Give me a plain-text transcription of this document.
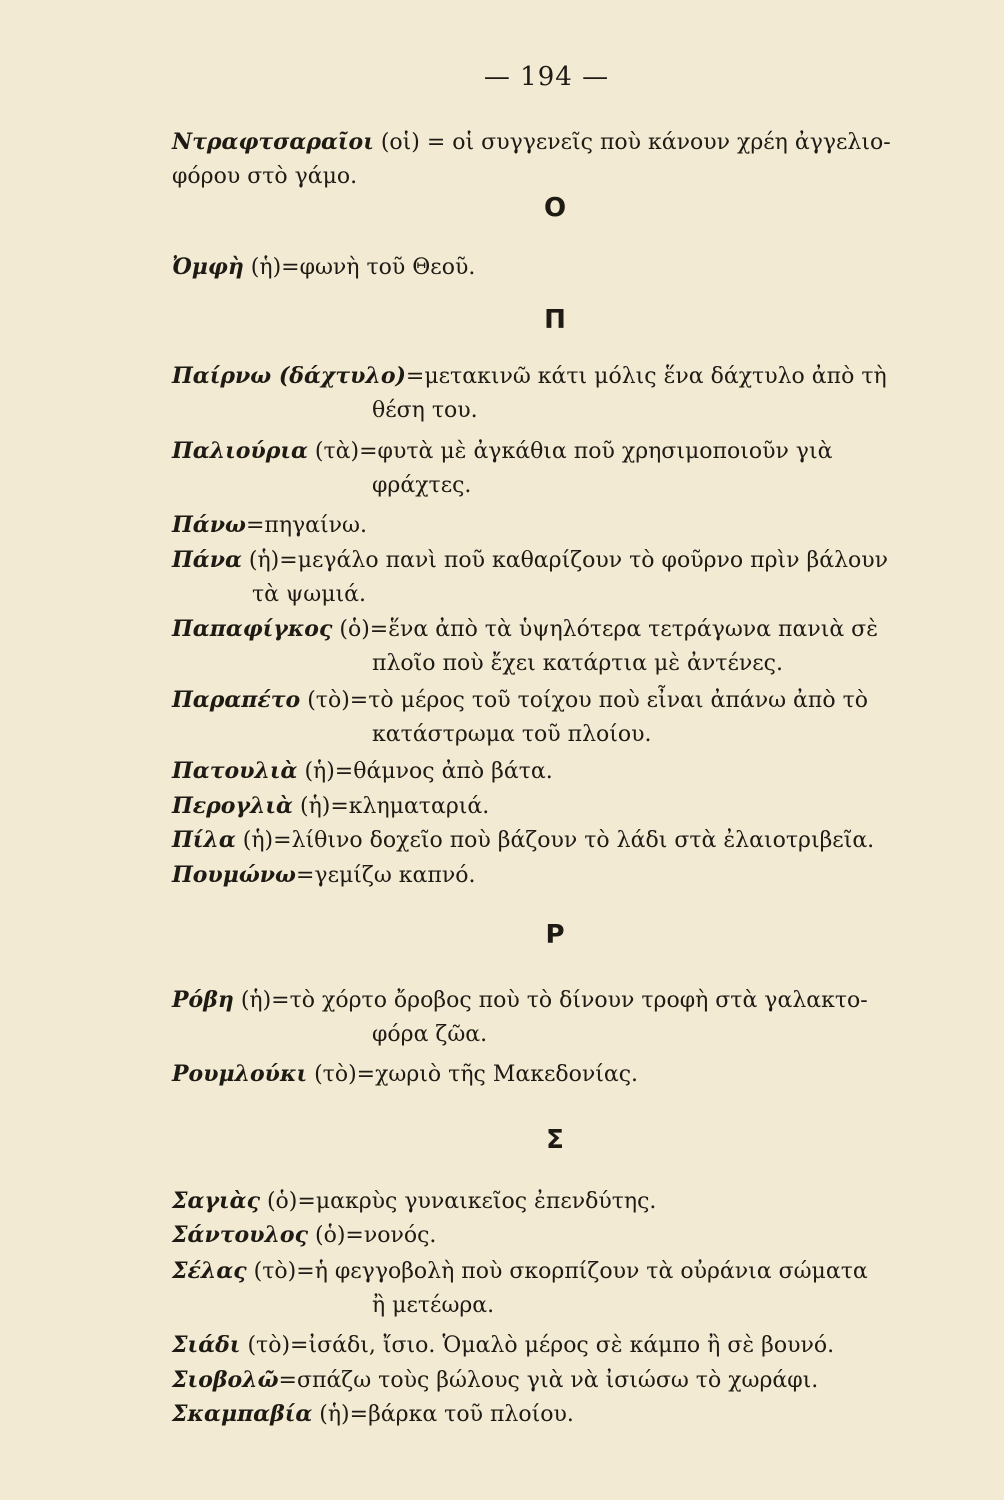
— 194 —
Ντραφτσαραῖοι (οἱ) = οἱ συγγενεῖς ποὺ κάνουν χρέη ἀγγελιο-
φόρου στὸ γάμο.
Ο
Ὀμφὴ (ἡ)=φωνὴ τοῦ Θεοῦ.
Π
Παίρνω (δάχτυλο)=μετακινῶ κάτι μόλις ἕνα δάχτυλο ἀπὸ τὴ
θέση του.
Παλιούρια (τὰ)=φυτὰ μὲ ἀγκάθια ποῦ χρησιμοποιοῦν γιὰ
φράχτες.
Πάνω=πηγαίνω.
Πάνα (ἡ)=μεγάλο πανὶ ποῦ καθαρίζουν τὸ φοῦρνο πρὶν βάλουν
τὰ ψωμιά.
Παπαφίγκος (ὁ)=ἕνα ἀπὸ τὰ ὑψηλότερα τετράγωνα πανιὰ σὲ
πλοῖο ποὺ ἔχει κατάρτια μὲ ἀντένες.
Παραπέτο (τὸ)=τὸ μέρος τοῦ τοίχου ποὺ εἶναι ἀπάνω ἀπὸ τὸ
κατάστρωμα τοῦ πλοίου.
Πατουλιὰ (ἡ)=θάμνος ἀπὸ βάτα.
Περογλιὰ (ἡ)=κληματαριά.
Πίλα (ἡ)=λίθινο δοχεῖο ποὺ βάζουν τὸ λάδι στὰ ἐλαιοτριβεῖα.
Πουμώνω=γεμίζω καπνό.
Ρ
Ρόβη (ἡ)=τὸ χόρτο ὄροβος ποὺ τὸ δίνουν τροφὴ στὰ γαλακτο-
φόρα ζῶα.
Ρουμλούκι (τὸ)=χωριὸ τῆς Μακεδονίας.
Σ
Σαγιὰς (ὁ)=μακρὺς γυναικεῖος ἐπενδύτης.
Σάντουλος (ὁ)=νονός.
Σέλας (τὸ)=ἡ φεγγοβολὴ ποὺ σκορπίζουν τὰ οὐράνια σώματα
ἢ μετέωρα.
Σιάδι (τὸ)=ἰσάδι, ἴσιο. Ὁμαλὸ μέρος σὲ κάμπο ἢ σὲ βουνό.
Σιοβολῶ=σπάζω τοὺς βώλους γιὰ νὰ ἰσιώσω τὸ χωράφι.
Σκαμπαβία (ἡ)=βάρκα τοῦ πλοίου.
